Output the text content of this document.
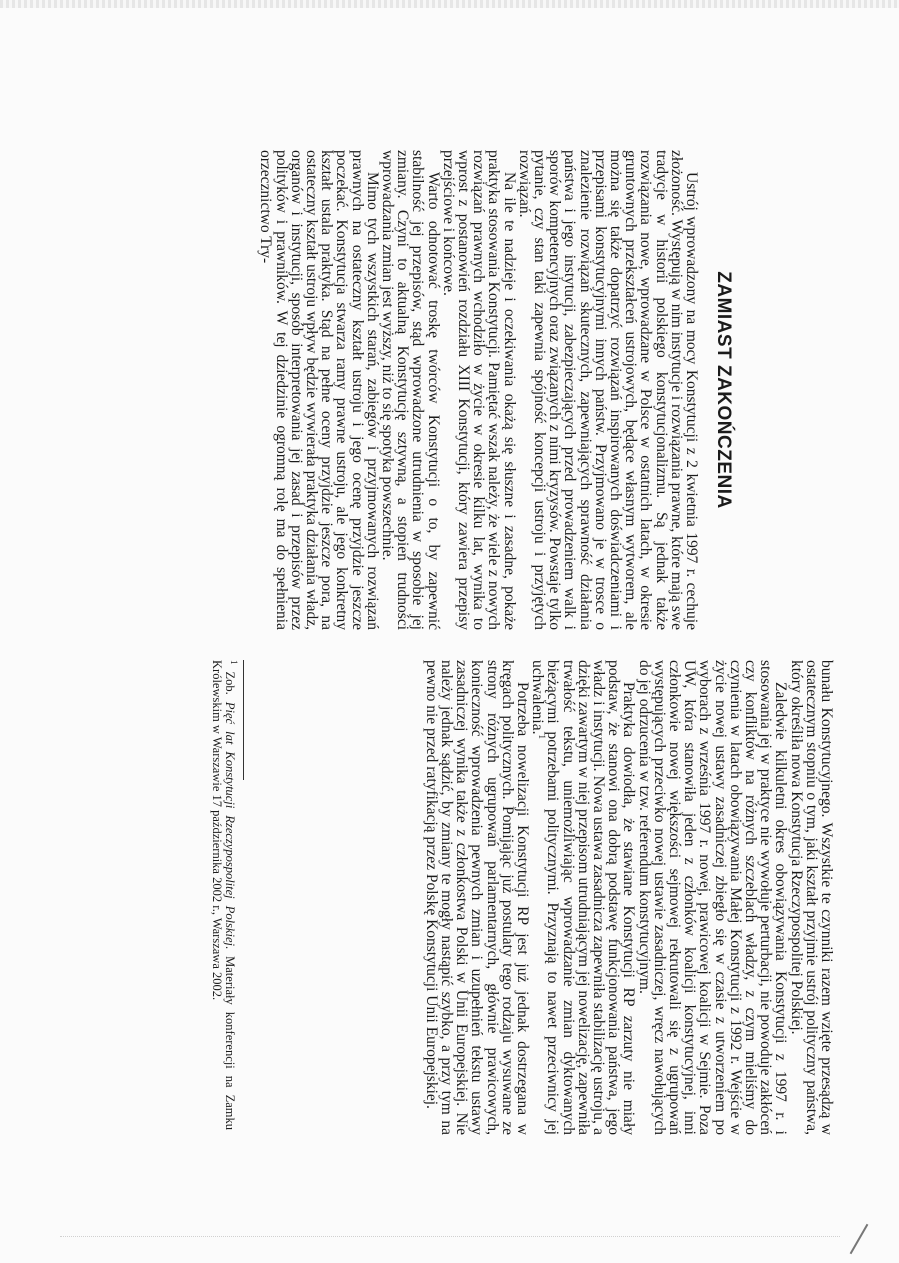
ZAMIAST ZAKOŃCZENIA

Ustrój wprowadzony na mocy Konstytucji z 2 kwietnia 1997 r. cechuje złożoność. Występują w nim instytucje i rozwiązania prawne, które mają swe tradycje w historii polskiego konstytucjonalizmu. Są jednak także rozwiązania nowe, wprowadzane w Polsce w ostatnich latach, w okresie gruntownych przekształceń ustrojowych, będące własnym wytworem, ale można się także dopatrzyć rozwiązań inspirowanych doświadczeniami i przepisami konstytucyjnymi innych państw. Przyjmowano je w trosce o znalezienie rozwiązań skutecznych, zapewniających sprawność działania państwa i jego instytucji, zabezpieczających przed prowadzeniem walk i sporów kompetencyjnych oraz związanych z nimi kryzysów. Powstaje tylko pytanie, czy stan taki zapewnia spójność koncepcji ustroju i przyjętych rozwiązań.

Na ile te nadzieje i oczekiwania okażą się słuszne i zasadne, pokaże praktyka stosowania Konstytucji. Pamiętać wszak należy, że wiele z nowych rozwiązań prawnych wchodziło w życie w okresie kilku lat, wynika to wprost z postanowień rozdziału XIII Konstytucji, który zawiera przepisy przejściowe i końcowe.

Warto odnotować troskę twórców Konstytucji o to, by zapewnić stabilność jej przepisów, stąd wprowadzone utrudnienia w sposobie jej zmiany. Czyni to aktualną Konstytucję sztywną, a stopień trudności wprowadzania zmian jest wyższy, niż to się spotyka powszechnie.

Mimo tych wszystkich starań, zabiegów i przyjmowanych rozwiązań prawnych na ostateczny kształt ustroju i jego ocenę przyjdzie jeszcze poczekać. Konstytucja stwarza ramy prawne ustroju, ale jego konkretny kształt ustala praktyka. Stąd na pełne oceny przyjdzie jeszcze pora, na ostateczny kształt ustroju wpływ będzie wywierała praktyka działania władz, organów i instytucji, sposób interpretowania jej zasad i przepisów przez polityków i prawników. W tej dziedzinie ogromną rolę ma do spełnienia orzecznictwo Try-

bunału Konstytucyjnego. Wszystkie te czynniki razem wzięte przesądzą w ostatecznym stopniu o tym, jaki kształt przyjmie ustrój polityczny państwa, który określiła nowa Konstytucja Rzeczypospolitej Polskiej.

Zaledwie kilkuletni okres obowiązywania Konstytucji z 1997 r. i stosowania jej w praktyce nie wywołuje perturbacji, nie powoduje zakłóceń czy konfliktów na różnych szczeblach władzy, z czym mieliśmy do czynienia w latach obowiązywania Małej Konstytucji z 1992 r. Wejście w życie nowej ustawy zasadniczej zbiegło się w czasie z utworzeniem po wyborach z września 1997 r. nowej, prawicowej koalicji w Sejmie. Poza UW, która stanowiła jeden z członków koalicji konstytucyjnej, inni członkowie nowej większości sejmowej rekrutowali się z ugrupowań występujących przeciwko nowej ustawie zasadniczej, wręcz nawołujących do jej odrzucenia w tzw. referendum konstytucyjnym.

Praktyka dowiodła, że stawiane Konstytucji RP zarzuty nie miały podstaw, że stanowi ona dobrą podstawę funkcjonowania państwa, jego władz i instytucji. Nowa ustawa zasadnicza zapewniła stabilizację ustroju, a dzięki zawartym w niej przepisom utrudniającym jej nowelizację, zapewniła trwałość tekstu, uniemożliwiając wprowadzanie zmian dyktowanych bieżącymi potrzebami politycznymi. Przyznają to nawet przeciwnicy jej uchwalenia.$^1$

Potrzeba nowelizacji Konstytucji RP jest już jednak dostrzegana w kręgach politycznych. Pomijając już postulaty tego rodzaju wysuwane ze strony różnych ugrupowań parlamentarnych, głównie prawicowych, konieczność wprowadzenia pewnych zmian i uzupełnień tekstu ustawy zasadniczej wynika także z członkostwa Polski w Unii Europejskiej. Nie należy jednak sądzić, by zmiany te mogły nastąpić szybko, a przy tym na pewno nie przed ratyfikacją przez Polskę Konstytucji Unii Europejskiej.

$^1$ Zob. Pięć lat Konstytucji Rzeczypospolitej Polskiej. Materiały konferencji na Zamku Królewskim w Warszawie 17 października 2002 r., Warszawa 2002.
